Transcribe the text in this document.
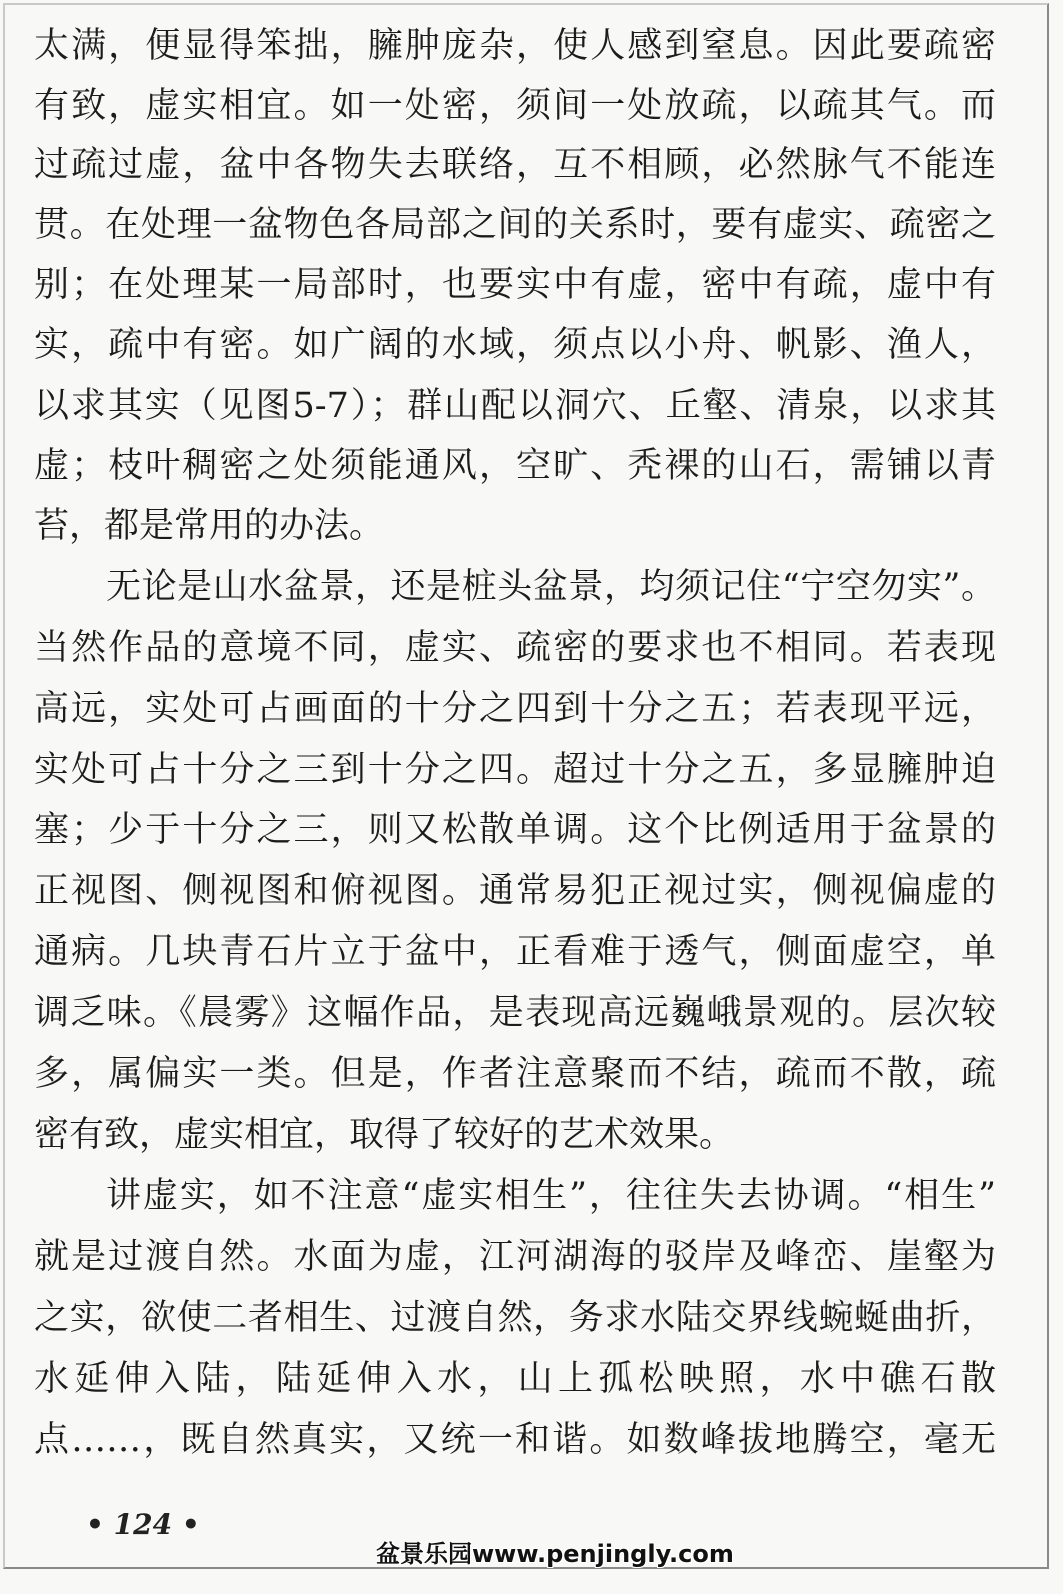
太满，便显得笨拙，臃肿庞杂，使人感到窒息。因此要疏密
有致，虚实相宜。如一处密，须间一处放疏，以疏其气。而
过疏过虚，盆中各物失去联络，互不相顾，必然脉气不能连
贯。在处理一盆物色各局部之间的关系时，要有虚实、疏密之
别；在处理某一局部时，也要实中有虚，密中有疏，虚中有
实，疏中有密。如广阔的水域，须点以小舟、帆影、渔人，
以求其实（见图5-7）；群山配以洞穴、丘壑、清泉，以求其
虚；枝叶稠密之处须能通风，空旷、秃裸的山石，需铺以青
苔，都是常用的办法。
无论是山水盆景，还是桩头盆景，均须记住“宁空勿实”。
当然作品的意境不同，虚实、疏密的要求也不相同。若表现
高远，实处可占画面的十分之四到十分之五；若表现平远，
实处可占十分之三到十分之四。超过十分之五，多显臃肿迫
塞；少于十分之三，则又松散单调。这个比例适用于盆景的
正视图、侧视图和俯视图。通常易犯正视过实，侧视偏虚的
通病。几块青石片立于盆中，正看难于透气，侧面虚空，单
调乏味。《晨雾》这幅作品，是表现高远巍峨景观的。层次较
多，属偏实一类。但是，作者注意聚而不结，疏而不散，疏
密有致，虚实相宜，取得了较好的艺术效果。
讲虚实，如不注意“虚实相生”，往往失去协调。“相生”
就是过渡自然。水面为虚，江河湖海的驳岸及峰峦、崖壑为
之实，欲使二者相生、过渡自然，务求水陆交界线蜿蜒曲折，
水延伸入陆，陆延伸入水，山上孤松映照，水中礁石散
点……，既自然真实，又统一和谐。如数峰拔地腾空，毫无
• 124 •
盆景乐园www.penjingly.com
